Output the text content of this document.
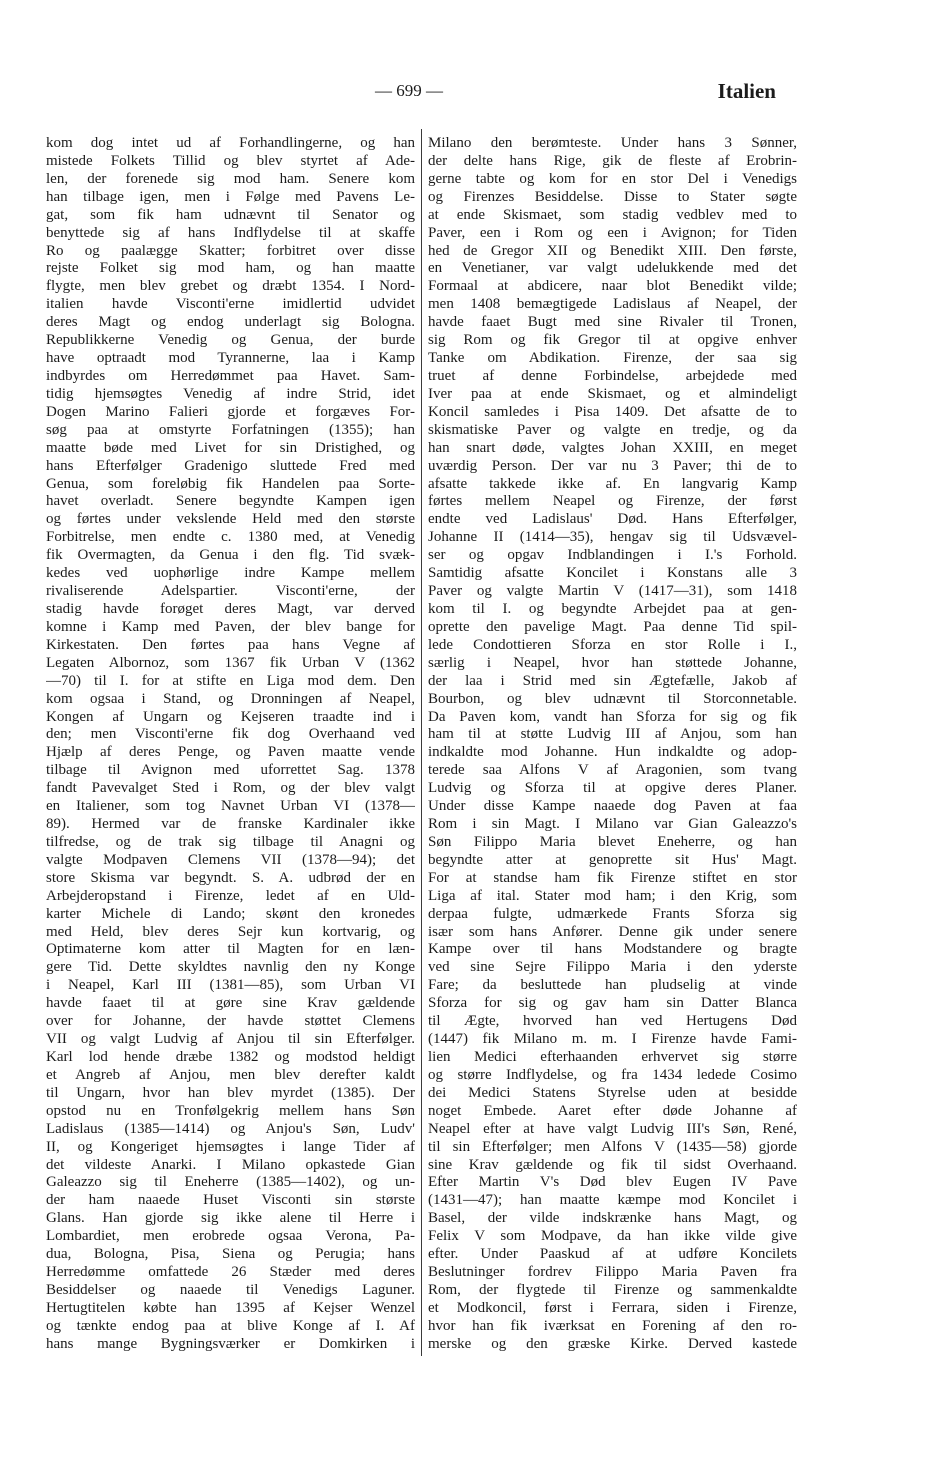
— 699 —	Italien
kom dog intet ud af Forhandlingerne, og han
mistede Folkets Tillid og blev styrtet af Ade-
len, der forenede sig mod ham. Senere kom
han tilbage igen, men i Følge med Pavens Le-
gat, som fik ham udnævnt til Senator og
benyttede sig af hans Indflydelse til at skaffe
Ro og paalægge Skatter; forbitret over disse
rejste Folket sig mod ham, og han maatte
flygte, men blev grebet og dræbt 1354. I Nord-
italien havde Visconti'erne imidlertid udvidet
deres Magt og endog underlagt sig Bologna.
Republikkerne Venedig og Genua, der burde
have optraadt mod Tyrannerne, laa i Kamp
indbyrdes om Herredømmet paa Havet. Sam-
tidig hjemsøgtes Venedig af indre Strid, idet
Dogen Marino Falieri gjorde et forgæves For-
søg paa at omstyrte Forfatningen (1355); han
maatte bøde med Livet for sin Dristighed, og
hans Efterfølger Gradenigo sluttede Fred med
Genua, som foreløbig fik Handelen paa Sorte-
havet overladt. Senere begyndte Kampen igen
og førtes under vekslende Held med den største
Forbitrelse, men endte c. 1380 med, at Venedig
fik Overmagten, da Genua i den flg. Tid svæk-
kedes ved uophørlige indre Kampe mellem
rivaliserende Adelspartier. Visconti'erne, der
stadig havde forøget deres Magt, var derved
komne i Kamp med Paven, der blev bange for
Kirkestaten. Den førtes paa hans Vegne af
Legaten Albornoz, som 1367 fik Urban V (1362
—70) til I. for at stifte en Liga mod dem. Den
kom ogsaa i Stand, og Dronningen af Neapel,
Kongen af Ungarn og Kejseren traadte ind i
den; men Visconti'erne fik dog Overhaand ved
Hjælp af deres Penge, og Paven maatte vende
tilbage til Avignon med uforrettet Sag. 1378
fandt Pavevalget Sted i Rom, og der blev valgt
en Italiener, som tog Navnet Urban VI (1378—
89). Hermed var de franske Kardinaler ikke
tilfredse, og de trak sig tilbage til Anagni og
valgte Modpaven Clemens VII (1378—94); det
store Skisma var begyndt. S. A. udbrød der en
Arbejderopstand i Firenze, ledet af en Uld-
karter Michele di Lando; skønt den kronedes
med Held, blev deres Sejr kun kortvarig, og
Optimaterne kom atter til Magten for en læn-
gere Tid. Dette skyldtes navnlig den ny Konge
i Neapel, Karl III (1381—85), som Urban VI
havde faaet til at gøre sine Krav gældende
over for Johanne, der havde støttet Clemens
VII og valgt Ludvig af Anjou til sin Efterfølger.
Karl lod hende dræbe 1382 og modstod heldigt
et Angreb af Anjou, men blev derefter kaldt
til Ungarn, hvor han blev myrdet (1385). Der
opstod nu en Tronfølgekrig mellem hans Søn
Ladislaus (1385—1414) og Anjou's Søn, Ludv'
II, og Kongeriget hjemsøgtes i lange Tider af
det vildeste Anarki. I Milano opkastede Gian
Galeazzo sig til Eneherre (1385—1402), og un-
der ham naaede Huset Visconti sin største
Glans. Han gjorde sig ikke alene til Herre i
Lombardiet, men erobrede ogsaa Verona, Pa-
dua, Bologna, Pisa, Siena og Perugia; hans
Herredømme omfattede 26 Stæder med deres
Besiddelser og naaede til Venedigs Laguner.
Hertugtitelen købte han 1395 af Kejser Wenzel
og tænkte endog paa at blive Konge af I. Af
hans mange Bygningsværker er Domkirken i
Milano den berømteste. Under hans 3 Sønner,
der delte hans Rige, gik de fleste af Erobrin-
gerne tabte og kom for en stor Del i Venedigs
og Firenzes Besiddelse. Disse to Stater søgte
at ende Skismaet, som stadig vedblev med to
Paver, een i Rom og een i Avignon; for Tiden
hed de Gregor XII og Benedikt XIII. Den første,
en Venetianer, var valgt udelukkende med det
Formaal at abdicere, naar blot Benedikt vilde;
men 1408 bemægtigede Ladislaus af Neapel, der
havde faaet Bugt med sine Rivaler til Tronen,
sig Rom og fik Gregor til at opgive enhver
Tanke om Abdikation. Firenze, der saa sig
truet af denne Forbindelse, arbejdede med
Iver paa at ende Skismaet, og et almindeligt
Koncil samledes i Pisa 1409. Det afsatte de to
skismatiske Paver og valgte en tredje, og da
han snart døde, valgtes Johan XXIII, en meget
uværdig Person. Der var nu 3 Paver; thi de to
afsatte takkede ikke af. En langvarig Kamp
førtes mellem Neapel og Firenze, der først
endte ved Ladislaus' Død. Hans Efterfølger,
Johanne II (1414—35), hengav sig til Udsvævel-
ser og opgav Indblandingen i I.'s Forhold.
Samtidig afsatte Koncilet i Konstans alle 3
Paver og valgte Martin V (1417—31), som 1418
kom til I. og begyndte Arbejdet paa at gen-
oprette den pavelige Magt. Paa denne Tid spil-
lede Condottieren Sforza en stor Rolle i I.,
særlig i Neapel, hvor han støttede Johanne,
der laa i Strid med sin Ægtefælle, Jakob af
Bourbon, og blev udnævnt til Storconnetable.
Da Paven kom, vandt han Sforza for sig og fik
ham til at støtte Ludvig III af Anjou, som han
indkaldte mod Johanne. Hun indkaldte og adop-
terede saa Alfons V af Aragonien, som tvang
Ludvig og Sforza til at opgive deres Planer.
Under disse Kampe naaede dog Paven at faa
Rom i sin Magt. I Milano var Gian Galeazzo's
Søn Filippo Maria blevet Eneherre, og han
begyndte atter at genoprette sit Hus' Magt.
For at standse ham fik Firenze stiftet en stor
Liga af ital. Stater mod ham; i den Krig, som
derpaa fulgte, udmærkede Frants Sforza sig
især som hans Anfører. Denne gik under senere
Kampe over til hans Modstandere og bragte
ved sine Sejre Filippo Maria i den yderste
Fare; da besluttede han pludselig at vinde
Sforza for sig og gav ham sin Datter Blanca
til Ægte, hvorved han ved Hertugens Død
(1447) fik Milano m. m. I Firenze havde Fami-
lien Medici efterhaanden erhvervet sig større
og større Indflydelse, og fra 1434 ledede Cosimo
dei Medici Statens Styrelse uden at besidde
noget Embede. Aaret efter døde Johanne af
Neapel efter at have valgt Ludvig III's Søn, René,
til sin Efterfølger; men Alfons V (1435—58) gjorde
sine Krav gældende og fik til sidst Overhaand.
Efter Martin V's Død blev Eugen IV Pave
(1431—47); han maatte kæmpe mod Koncilet i
Basel, der vilde indskrænke hans Magt, og
Felix V som Modpave, da han ikke vilde give
efter. Under Paaskud af at udføre Koncilets
Beslutninger fordrev Filippo Maria Paven fra
Rom, der flygtede til Firenze og sammenkaldte
et Modkoncil, først i Ferrara, siden i Firenze,
hvor han fik iværksat en Forening af den ro-
merske og den græske Kirke. Derved kastede
